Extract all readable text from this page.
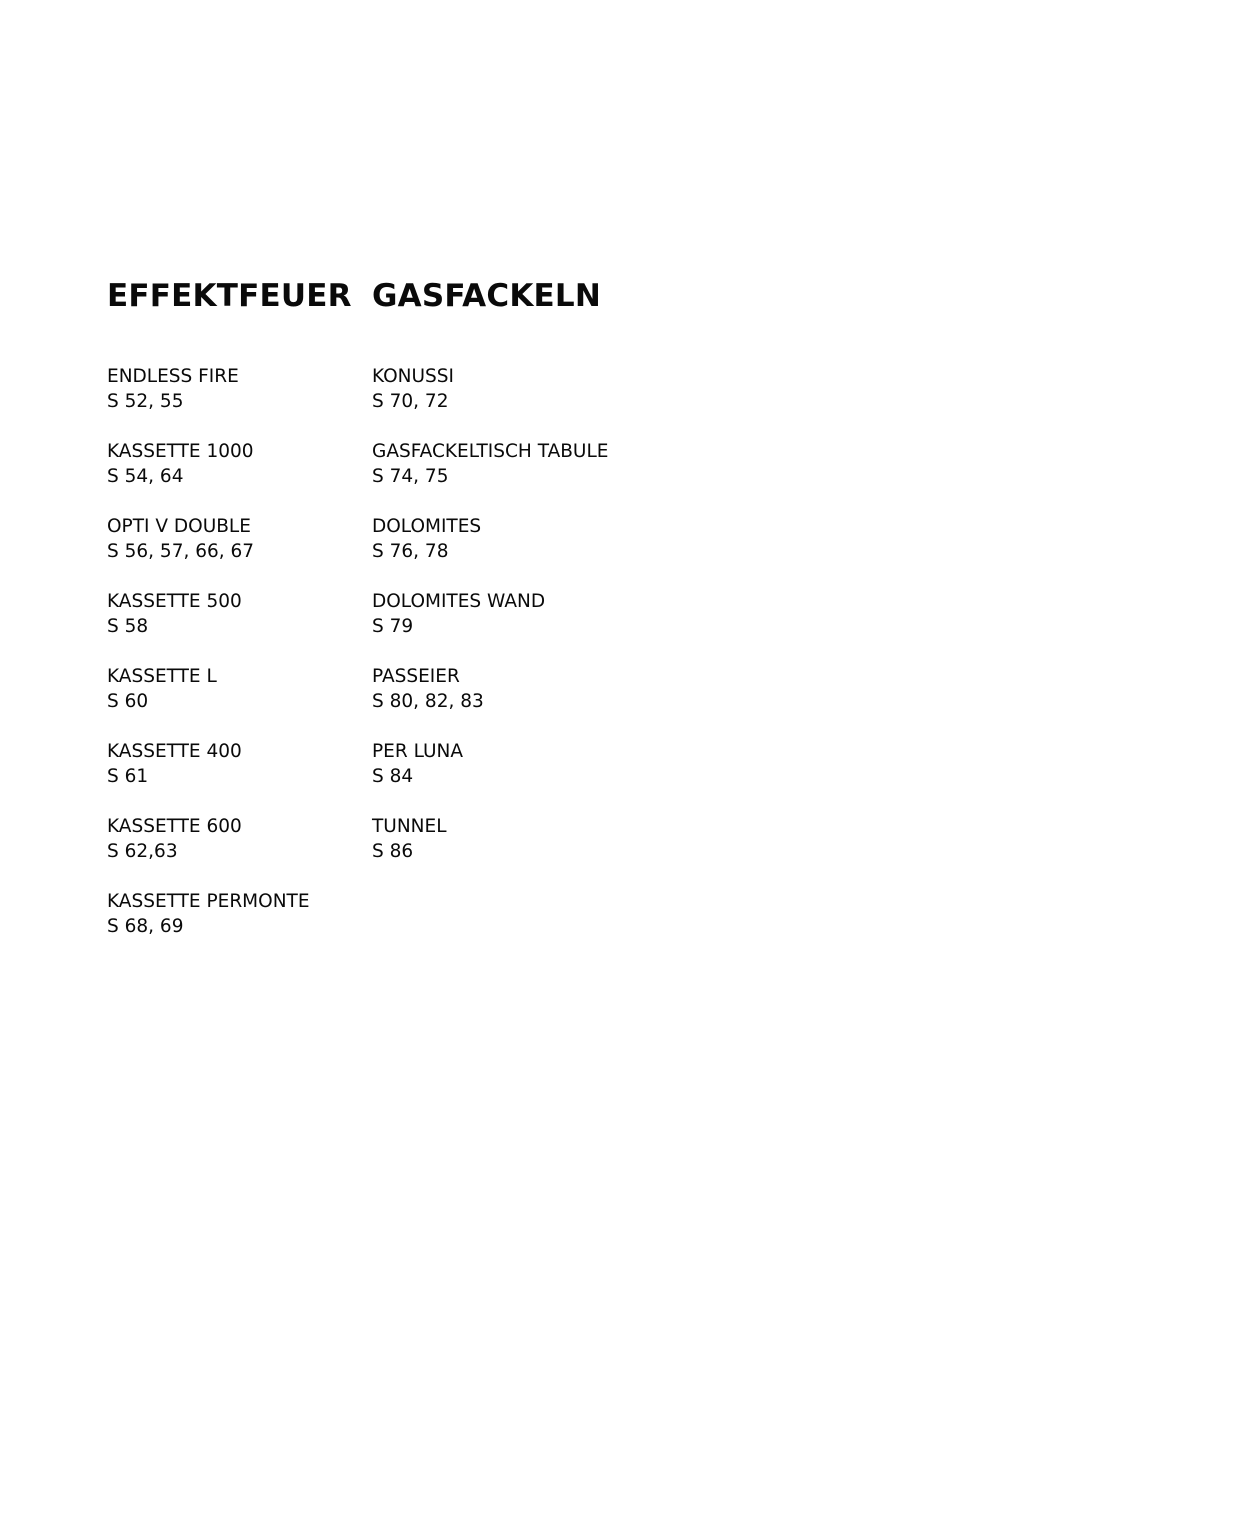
EFFEKTFEUER
ENDLESS FIRE
S 52, 55
KASSETTE 1000
S 54, 64
OPTI V DOUBLE
S 56, 57, 66, 67
KASSETTE 500
S 58
KASSETTE L
S 60
KASSETTE 400
S 61
KASSETTE 600
S 62,63
KASSETTE PERMONTE
S 68, 69
GASFACKELN
KONUSSI
S 70, 72
GASFACKELTISCH TABULE
S 74, 75
DOLOMITES
S 76, 78
DOLOMITES WAND
S 79
PASSEIER
S 80, 82, 83
PER LUNA
S 84
TUNNEL
S 86
